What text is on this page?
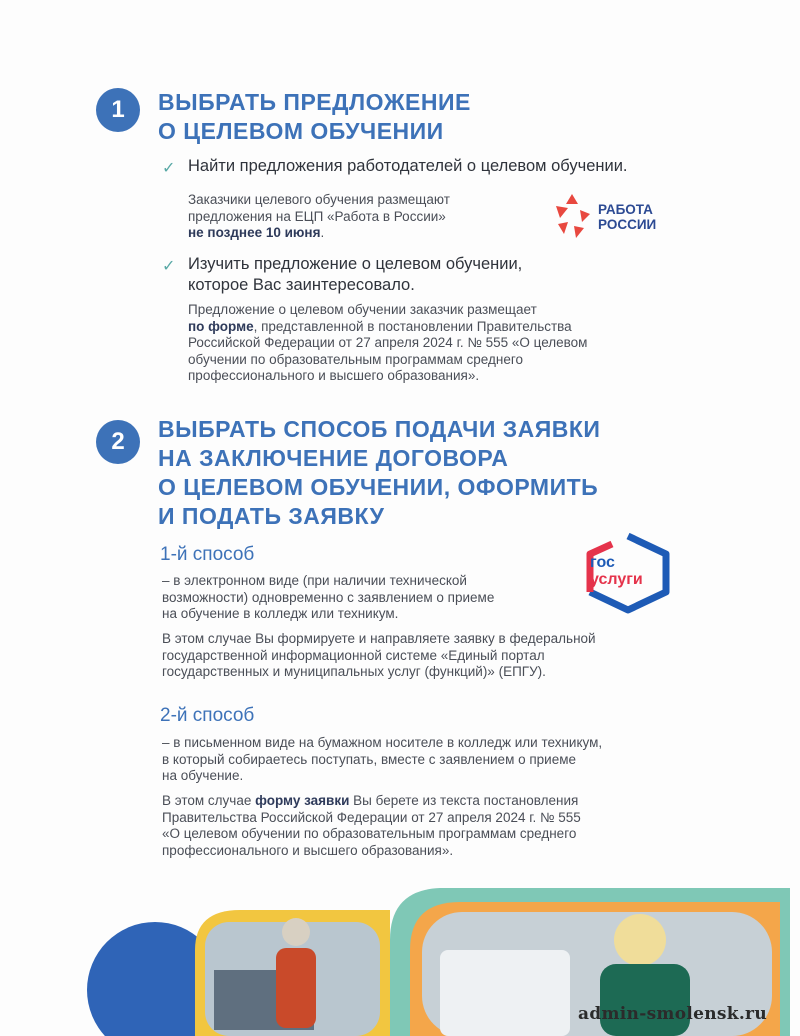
1	ВЫБРАТЬ ПРЕДЛОЖЕНИЕ
О ЦЕЛЕВОМ ОБУЧЕНИИ
✓ Найти предложения работодателей о целевом обучении.

Заказчики целевого обучения размещают
предложения на ЕЦП «Работа в России»
не позднее 10 июня.

РАБОТА
РОССИИ
✓ Изучить предложение о целевом обучении,
которое Вас заинтересовало.

Предложение о целевом обучении заказчик размещает
по форме, представленной в постановлении Правительства
Российской Федерации от 27 апреля 2024 г. № 555 «О целевом
обучении по образовательным программам среднего
профессионального и высшего образования».

2	ВЫБРАТЬ СПОСОБ ПОДАЧИ ЗАЯВКИ
НА ЗАКЛЮЧЕНИЕ ДОГОВОРА
О ЦЕЛЕВОМ ОБУЧЕНИИ, ОФОРМИТЬ
И ПОДАТЬ ЗАЯВКУ
1-й способ

– в электронном виде (при наличии технической
возможности) одновременно с заявлением о приеме
на обучение в колледж или техникум.

В этом случае Вы формируете и направляете заявку в федеральной
государственной информационной системе «Единый портал
государственных и муниципальных услуг (функций)» (ЕПГУ).

гос
услуги
2-й способ

– в письменном виде на бумажном носителе в колледж или техникум,
в который собираетесь поступать, вместе с заявлением о приеме
на обучение.

В этом случае форму заявки Вы берете из текста постановления
Правительства Российской Федерации от 27 апреля 2024 г. № 555
«О целевом обучении по образовательным программам среднего
профессионального и высшего образования».

admin-smolensk.ru
